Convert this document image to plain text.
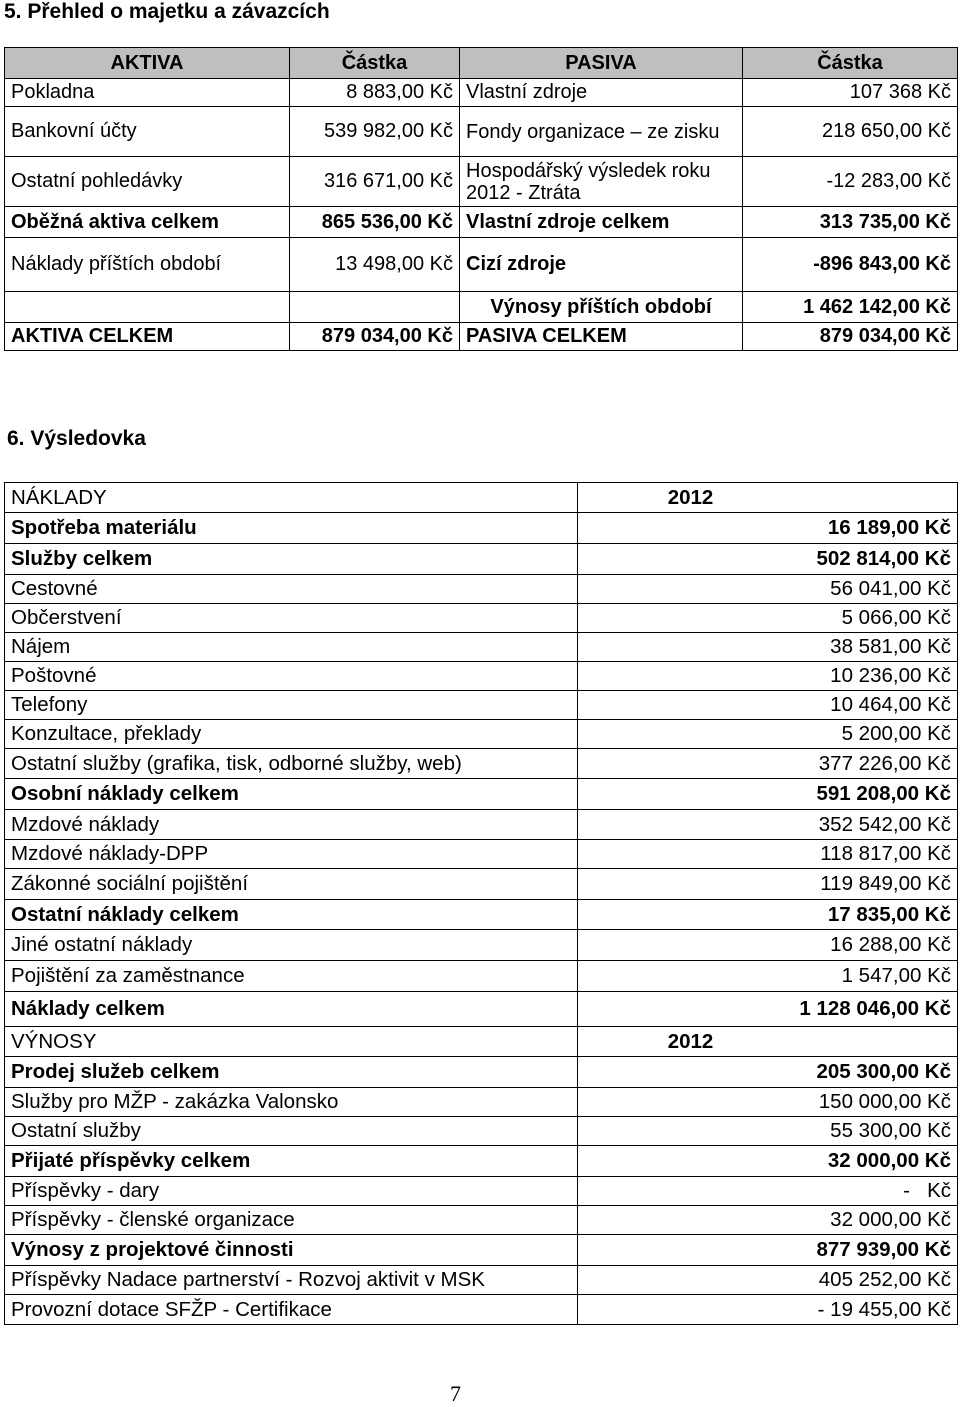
5. Přehled o majetku a závazcích
AKTIVA	Částka	PASIVA	Částka
Pokladna	8 883,00 Kč	Vlastní zdroje	107 368 Kč
Bankovní účty	539 982,00 Kč	Fondy organizace – ze zisku	218 650,00 Kč
Ostatní pohledávky	316 671,00 Kč	Hospodářský výsledek roku 2012 - Ztráta	-12 283,00 Kč
Oběžná aktiva celkem	865 536,00 Kč	Vlastní zdroje celkem	313 735,00 Kč
Náklady příštích období	13 498,00 Kč	Cizí zdroje	-896 843,00 Kč
		Výnosy příštích období	1 462 142,00 Kč
AKTIVA CELKEM	879 034,00 Kč	PASIVA CELKEM	879 034,00 Kč
6. Výsledovka
NÁKLADY	2012
Spotřeba materiálu	16 189,00 Kč
Služby celkem	502 814,00 Kč
Cestovné	56 041,00 Kč
Občerstvení	5 066,00 Kč
Nájem	38 581,00 Kč
Poštovné	10 236,00 Kč
Telefony	10 464,00 Kč
Konzultace, překlady	5 200,00 Kč
Ostatní služby (grafika, tisk, odborné služby, web)	377 226,00 Kč
Osobní náklady celkem	591 208,00 Kč
Mzdové náklady	352 542,00 Kč
Mzdové náklady-DPP	118 817,00 Kč
Zákonné sociální pojištění	119 849,00 Kč
Ostatní náklady celkem	17 835,00 Kč
Jiné ostatní náklady	16 288,00 Kč
Pojištění za zaměstnance	1 547,00 Kč
Náklady celkem	1 128 046,00 Kč
VÝNOSY	2012
Prodej služeb celkem	205 300,00 Kč
Služby pro MŽP - zakázka Valonsko	150 000,00 Kč
Ostatní služby	55 300,00 Kč
Přijaté příspěvky celkem	32 000,00 Kč
Příspěvky - dary	-   Kč
Příspěvky - členské organizace	32 000,00 Kč
Výnosy z projektové činnosti	877 939,00 Kč
Příspěvky Nadace partnerství - Rozvoj aktivit v MSK	405 252,00 Kč
Provozní dotace SFŽP - Certifikace	- 19 455,00 Kč
7
